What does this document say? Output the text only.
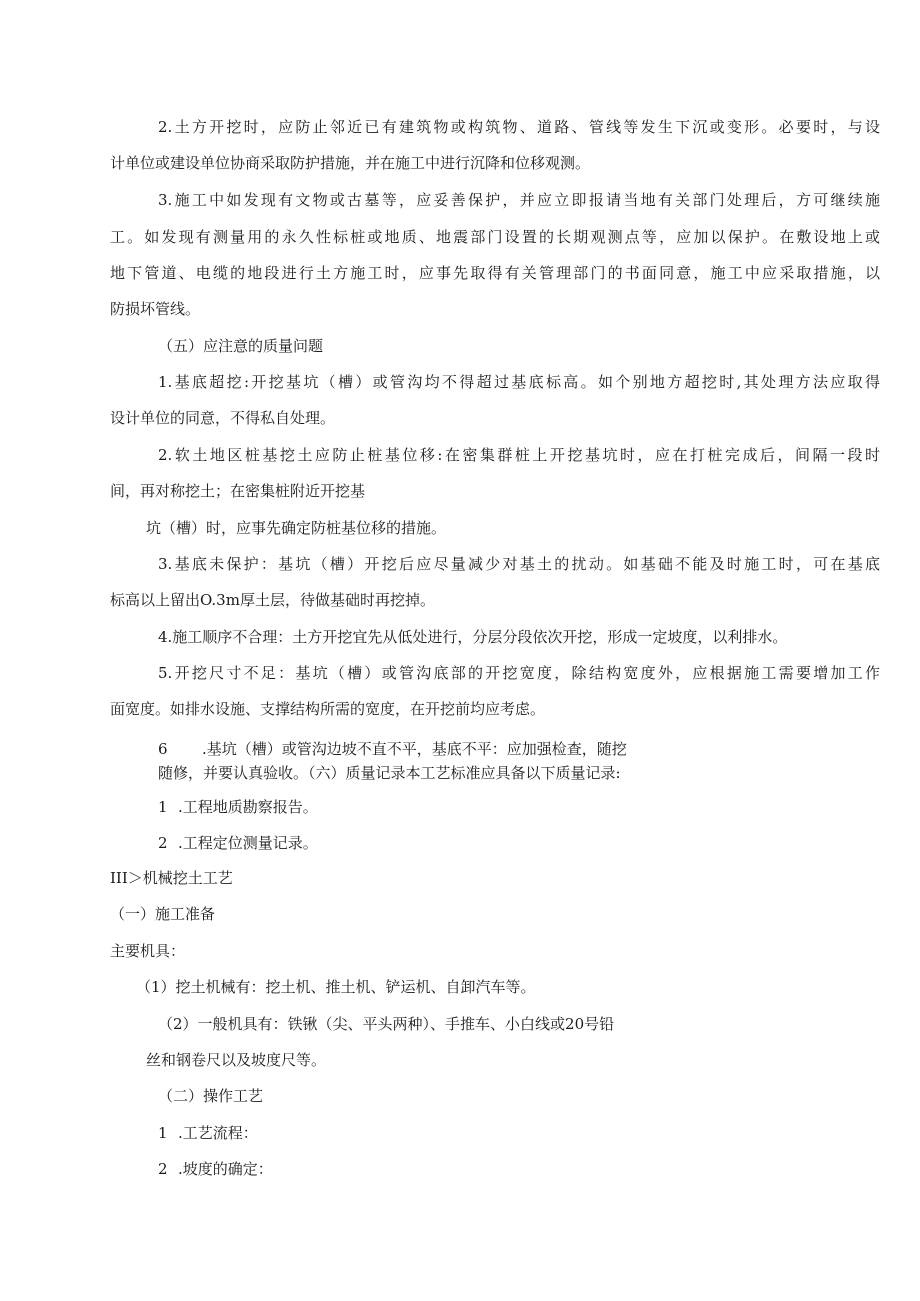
2.土方开挖时，应防止邻近已有建筑物或构筑物、道路、管线等发生下沉或变形。必要时，与设
计单位或建设单位协商采取防护措施，并在施工中进行沉降和位移观测。
3.施工中如发现有文物或古墓等，应妥善保护，并应立即报请当地有关部门处理后，方可继续施
工。如发现有测量用的永久性标桩或地质、地震部门设置的长期观测点等，应加以保护。在敷设地上或
地下管道、电缆的地段进行土方施工时，应事先取得有关管理部门的书面同意，施工中应采取措施，以
防损坏管线。
（五）应注意的质量问题
1.基底超挖:开挖基坑（槽）或管沟均不得超过基底标高。如个别地方超挖时,其处理方法应取得
设计单位的同意，不得私自处理。
2.软土地区桩基挖土应防止桩基位移:在密集群桩上开挖基坑时，应在打桩完成后，间隔一段时
间，再对称挖土；在密集桩附近开挖基
坑（槽）时，应事先确定防桩基位移的措施。
3.基底未保护：基坑（槽）开挖后应尽量减少对基土的扰动。如基础不能及时施工时，可在基底
标高以上留出O.3m厚土层，待做基础时再挖掉。
4.施工顺序不合理：土方开挖宜先从低处进行，分层分段依次开挖，形成一定坡度，以利排水。
5.开挖尺寸不足：基坑（槽）或管沟底部的开挖宽度，除结构宽度外，应根据施工需要增加工作
面宽度。如排水设施、支撑结构所需的宽度，在开挖前均应考虑。
6 .基坑（槽）或管沟边坡不直不平，基底不平：应加强检查，随挖
随修，并要认真验收。（六）质量记录本工艺标准应具备以下质量记录:
1 .工程地质勘察报告。
2 .工程定位测量记录。
III＞机械挖土工艺
（一）施工准备
主要机具：
（1）挖土机械有：挖土机、推土机、铲运机、自卸汽车等。
（2）一般机具有：铁锹（尖、平头两种）、手推车、小白线或20号铅
丝和钢卷尺以及坡度尺等。
（二）操作工艺
1 .工艺流程：
2 .坡度的确定：
